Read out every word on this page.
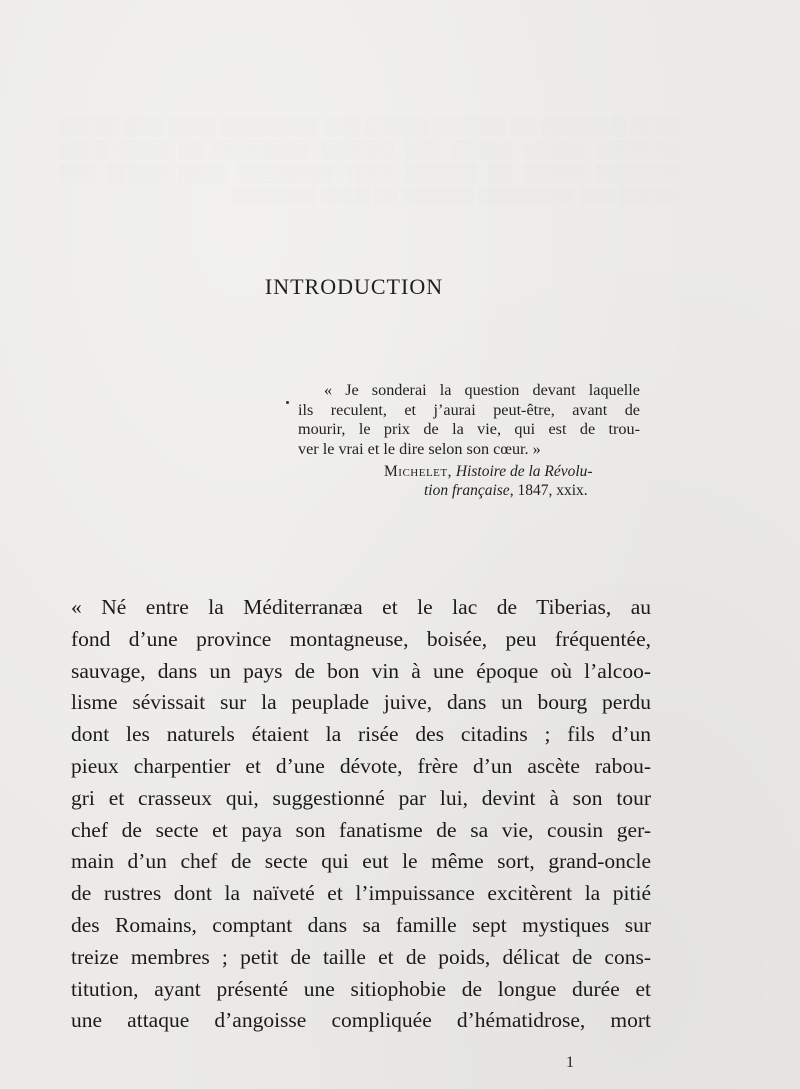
░░░░ ░░░░░░░ ░░ ░░░░░░ ░░░░░ ░░░ ░░░░░░░░ ░░░░ ░░░ ░░░░░ ░░░░░░░ ░░░░░ ░░░░░ ░░░ ░░░░░░ ░░░░░░░░ ░░ ░░░░ ░░░░ ░░░░░░░ ░░░░░ ░░ ░░░░░░ ░░░░ ░░░░░░░░ ░░░░ ░░░░░ ░░░ ░░░░░ ░░░ ░░░░░░░░ ░░░░░░ ░░ ░░░░ ░░░░░░░
INTRODUCTION
« Je sonderai la question devant laquelle
ils reculent, et j’aurai peut-être, avant de
mourir, le prix de la vie, qui est de trou-
ver le vrai et le dire selon son cœur. »
Michelet, Histoire de la Révolu-
tion française, 1847, xxix.
« Né entre la Méditerranæa et le lac de Tiberias, au
fond d’une province montagneuse, boisée, peu fréquentée,
sauvage, dans un pays de bon vin à une époque où l’alcoo-
lisme sévissait sur la peuplade juive, dans un bourg perdu
dont les naturels étaient la risée des citadins ; fils d’un
pieux charpentier et d’une dévote, frère d’un ascète rabou-
gri et crasseux qui, suggestionné par lui, devint à son tour
chef de secte et paya son fanatisme de sa vie, cousin ger-
main d’un chef de secte qui eut le même sort, grand-oncle
de rustres dont la naïveté et l’impuissance excitèrent la pitié
des Romains, comptant dans sa famille sept mystiques sur
treize membres ; petit de taille et de poids, délicat de cons-
titution, ayant présenté une sitiophobie de longue durée et
une attaque d’angoisse compliquée d’hématidrose, mort
1
